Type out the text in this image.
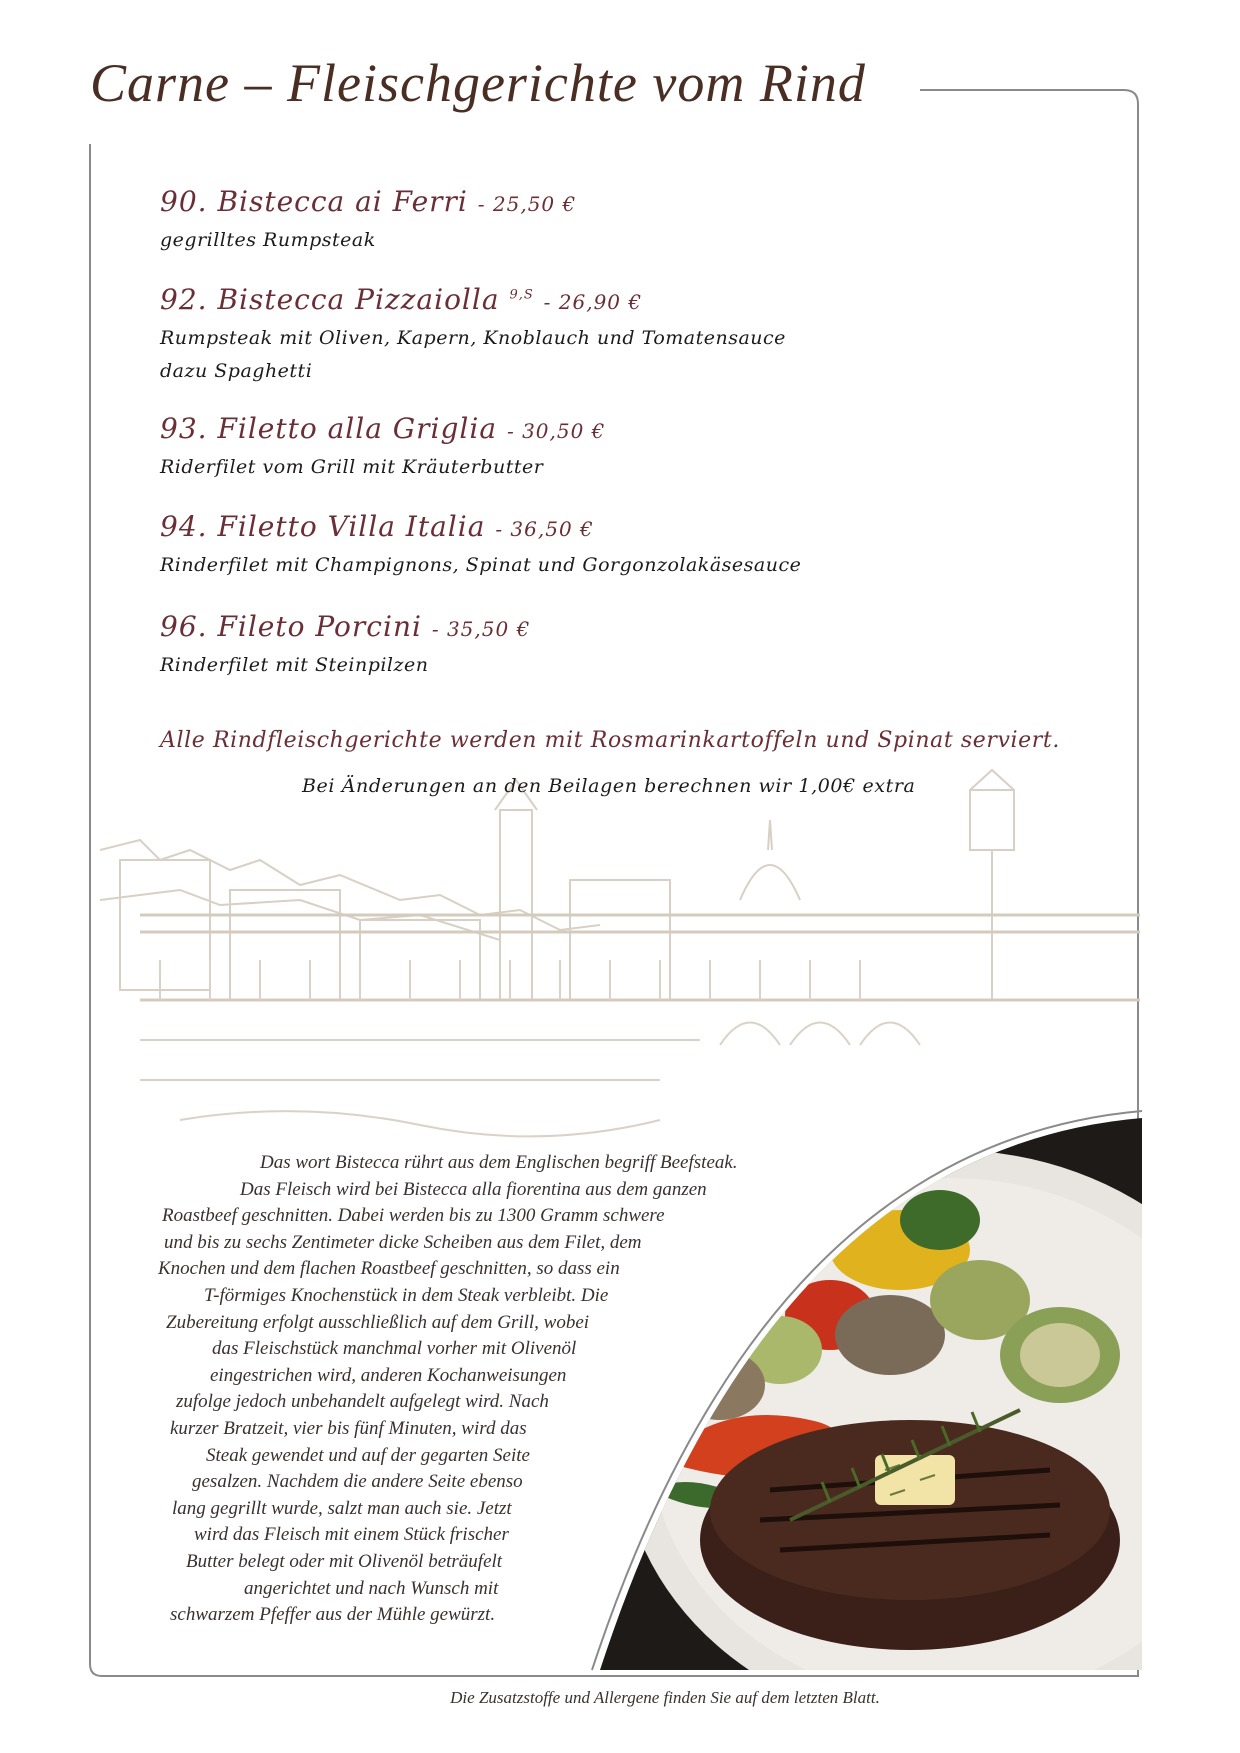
Carne – Fleischgerichte vom Rind
90. Bistecca ai Ferri - 25,50 €
gegrilltes Rumpsteak
92. Bistecca Pizzaiolla $^{9,S}$ - 26,90 €
Rumpsteak mit Oliven, Kapern, Knoblauch und Tomatensauce
dazu Spaghetti
93. Filetto alla Griglia - 30,50 €
Riderfilet vom Grill mit Kräuterbutter
94. Filetto Villa Italia - 36,50 €
Rinderfilet mit Champignons, Spinat und Gorgonzolakäsesauce
96. Fileto Porcini - 35,50 €
Rinderfilet mit Steinpilzen
Alle Rindfleischgerichte werden mit Rosmarinkartoffeln und Spinat serviert.
Bei Änderungen an den Beilagen berechnen wir 1,00€ extra
Das wort Bistecca rührt aus dem Englischen begriff Beefsteak.
Das Fleisch wird bei Bistecca alla fiorentina aus dem ganzen
Roastbeef geschnitten. Dabei werden bis zu 1300 Gramm schwere
und bis zu sechs Zentimeter dicke Scheiben aus dem Filet, dem
Knochen und dem flachen Roastbeef geschnitten, so dass ein
T-förmiges Knochenstück in dem Steak verbleibt. Die
Zubereitung erfolgt ausschließlich auf dem Grill, wobei
das Fleischstück manchmal vorher mit Olivenöl
eingestrichen wird, anderen Kochanweisungen
zufolge jedoch unbehandelt aufgelegt wird. Nach
kurzer Bratzeit, vier bis fünf Minuten, wird das
Steak gewendet und auf der gegarten Seite
gesalzen. Nachdem die andere Seite ebenso
lang gegrillt wurde, salzt man auch sie. Jetzt
wird das Fleisch mit einem Stück frischer
Butter belegt oder mit Olivenöl beträufelt
angerichtet und nach Wunsch mit
schwarzem Pfeffer aus der Mühle gewürzt.
Die Zusatzstoffe und Allergene finden Sie auf dem letzten Blatt.
